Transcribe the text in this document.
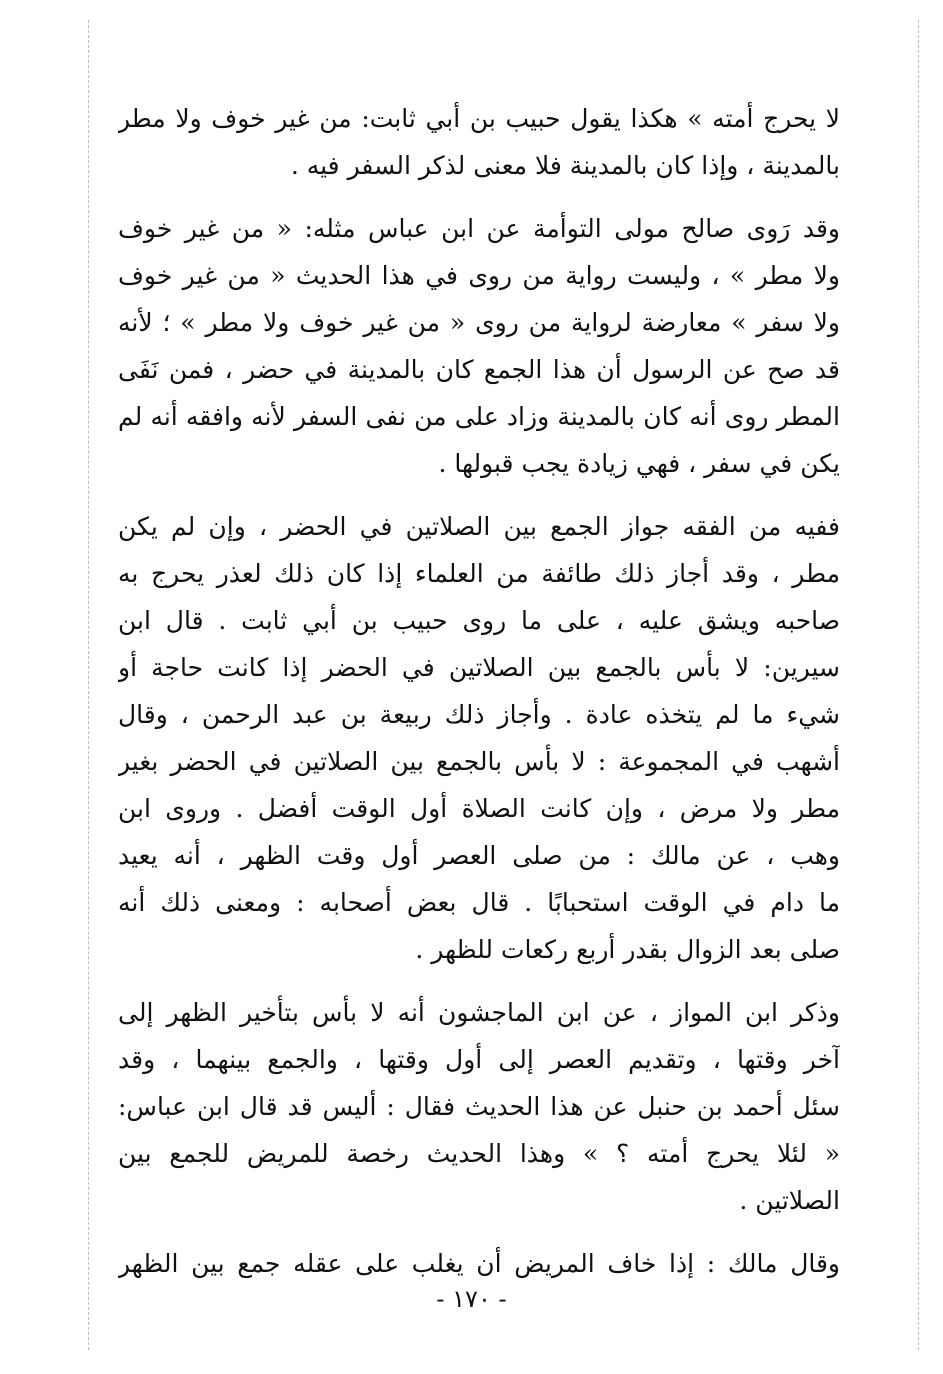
لا يحرج أمته » هكذا يقول حبيب بن أبي ثابت: من غير خوف ولا مطر
بالمدينة ، وإذا كان بالمدينة فلا معنى لذكر السفر فيه .
وقد رَوى صالح مولى التوأمة عن ابن عباس مثله: « من غير خوف
ولا مطر » ، وليست رواية من روى في هذا الحديث « من غير خوف
ولا سفر » معارضة لرواية من روى « من غير خوف ولا مطر » ؛ لأنه
قد صح عن الرسول أن هذا الجمع كان بالمدينة في حضر ، فمن نَفَى
المطر روى أنه كان بالمدينة وزاد على من نفى السفر لأنه وافقه أنه لم
يكن في سفر ، فهي زيادة يجب قبولها .
ففيه من الفقه جواز الجمع بين الصلاتين في الحضر ، وإن لم يكن
مطر ، وقد أجاز ذلك طائفة من العلماء إذا كان ذلك لعذر يحرج به
صاحبه ويشق عليه ، على ما روى حبيب بن أبي ثابت . قال ابن
سيرين: لا بأس بالجمع بين الصلاتين في الحضر إذا كانت حاجة أو
شيء ما لم يتخذه عادة . وأجاز ذلك ربيعة بن عبد الرحمن ، وقال
أشهب في المجموعة : لا بأس بالجمع بين الصلاتين في الحضر بغير
مطر ولا مرض ، وإن كانت الصلاة أول الوقت أفضل . وروى ابن
وهب ، عن مالك : من صلى العصر أول وقت الظهر ، أنه يعيد
ما دام في الوقت استحبابًا . قال بعض أصحابه : ومعنى ذلك أنه
صلى بعد الزوال بقدر أربع ركعات للظهر .
وذكر ابن المواز ، عن ابن الماجشون أنه لا بأس بتأخير الظهر إلى
آخر وقتها ، وتقديم العصر إلى أول وقتها ، والجمع بينهما ، وقد
سئل أحمد بن حنبل عن هذا الحديث فقال : أليس قد قال ابن عباس:
« لئلا يحرج أمته ؟ » وهذا الحديث رخصة للمريض للجمع بين
الصلاتين .
وقال مالك : إذا خاف المريض أن يغلب على عقله جمع بين الظهر
- ١٧٠ -
